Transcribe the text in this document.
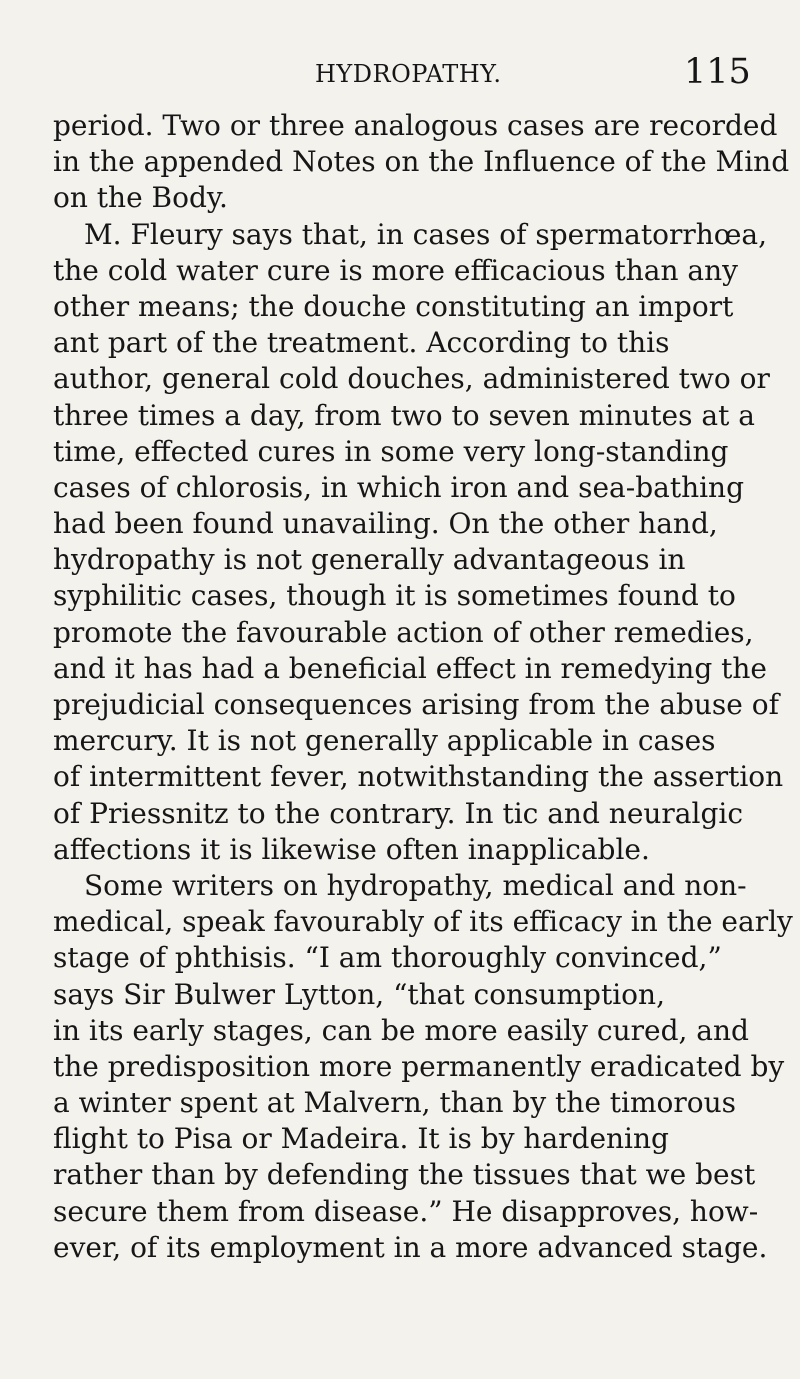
HYDROPATHY.	115
period. Two or three analogous cases are recorded
in the appended Notes on the Influence of the Mind
on the Body.
M. Fleury says that, in cases of spermatorrhœa,
the cold water cure is more efficacious than any
other means; the douche constituting an import
ant part of the treatment. According to this
author, general cold douches, administered two or
three times a day, from two to seven minutes at a
time, effected cures in some very long-standing
cases of chlorosis, in which iron and sea-bathing
had been found unavailing. On the other hand,
hydropathy is not generally advantageous in
syphilitic cases, though it is sometimes found to
promote the favourable action of other remedies,
and it has had a beneficial effect in remedying the
prejudicial consequences arising from the abuse of
mercury. It is not generally applicable in cases
of intermittent fever, notwithstanding the assertion
of Priessnitz to the contrary. In tic and neuralgic
affections it is likewise often inapplicable.
Some writers on hydropathy, medical and non-
medical, speak favourably of its efficacy in the early
stage of phthisis. “I am thoroughly convinced,”
says Sir Bulwer Lytton, “that consumption,
in its early stages, can be more easily cured, and
the predisposition more permanently eradicated by
a winter spent at Malvern, than by the timorous
flight to Pisa or Madeira. It is by hardening
rather than by defending the tissues that we best
secure them from disease.” He disapproves, how-
ever, of its employment in a more advanced stage.
